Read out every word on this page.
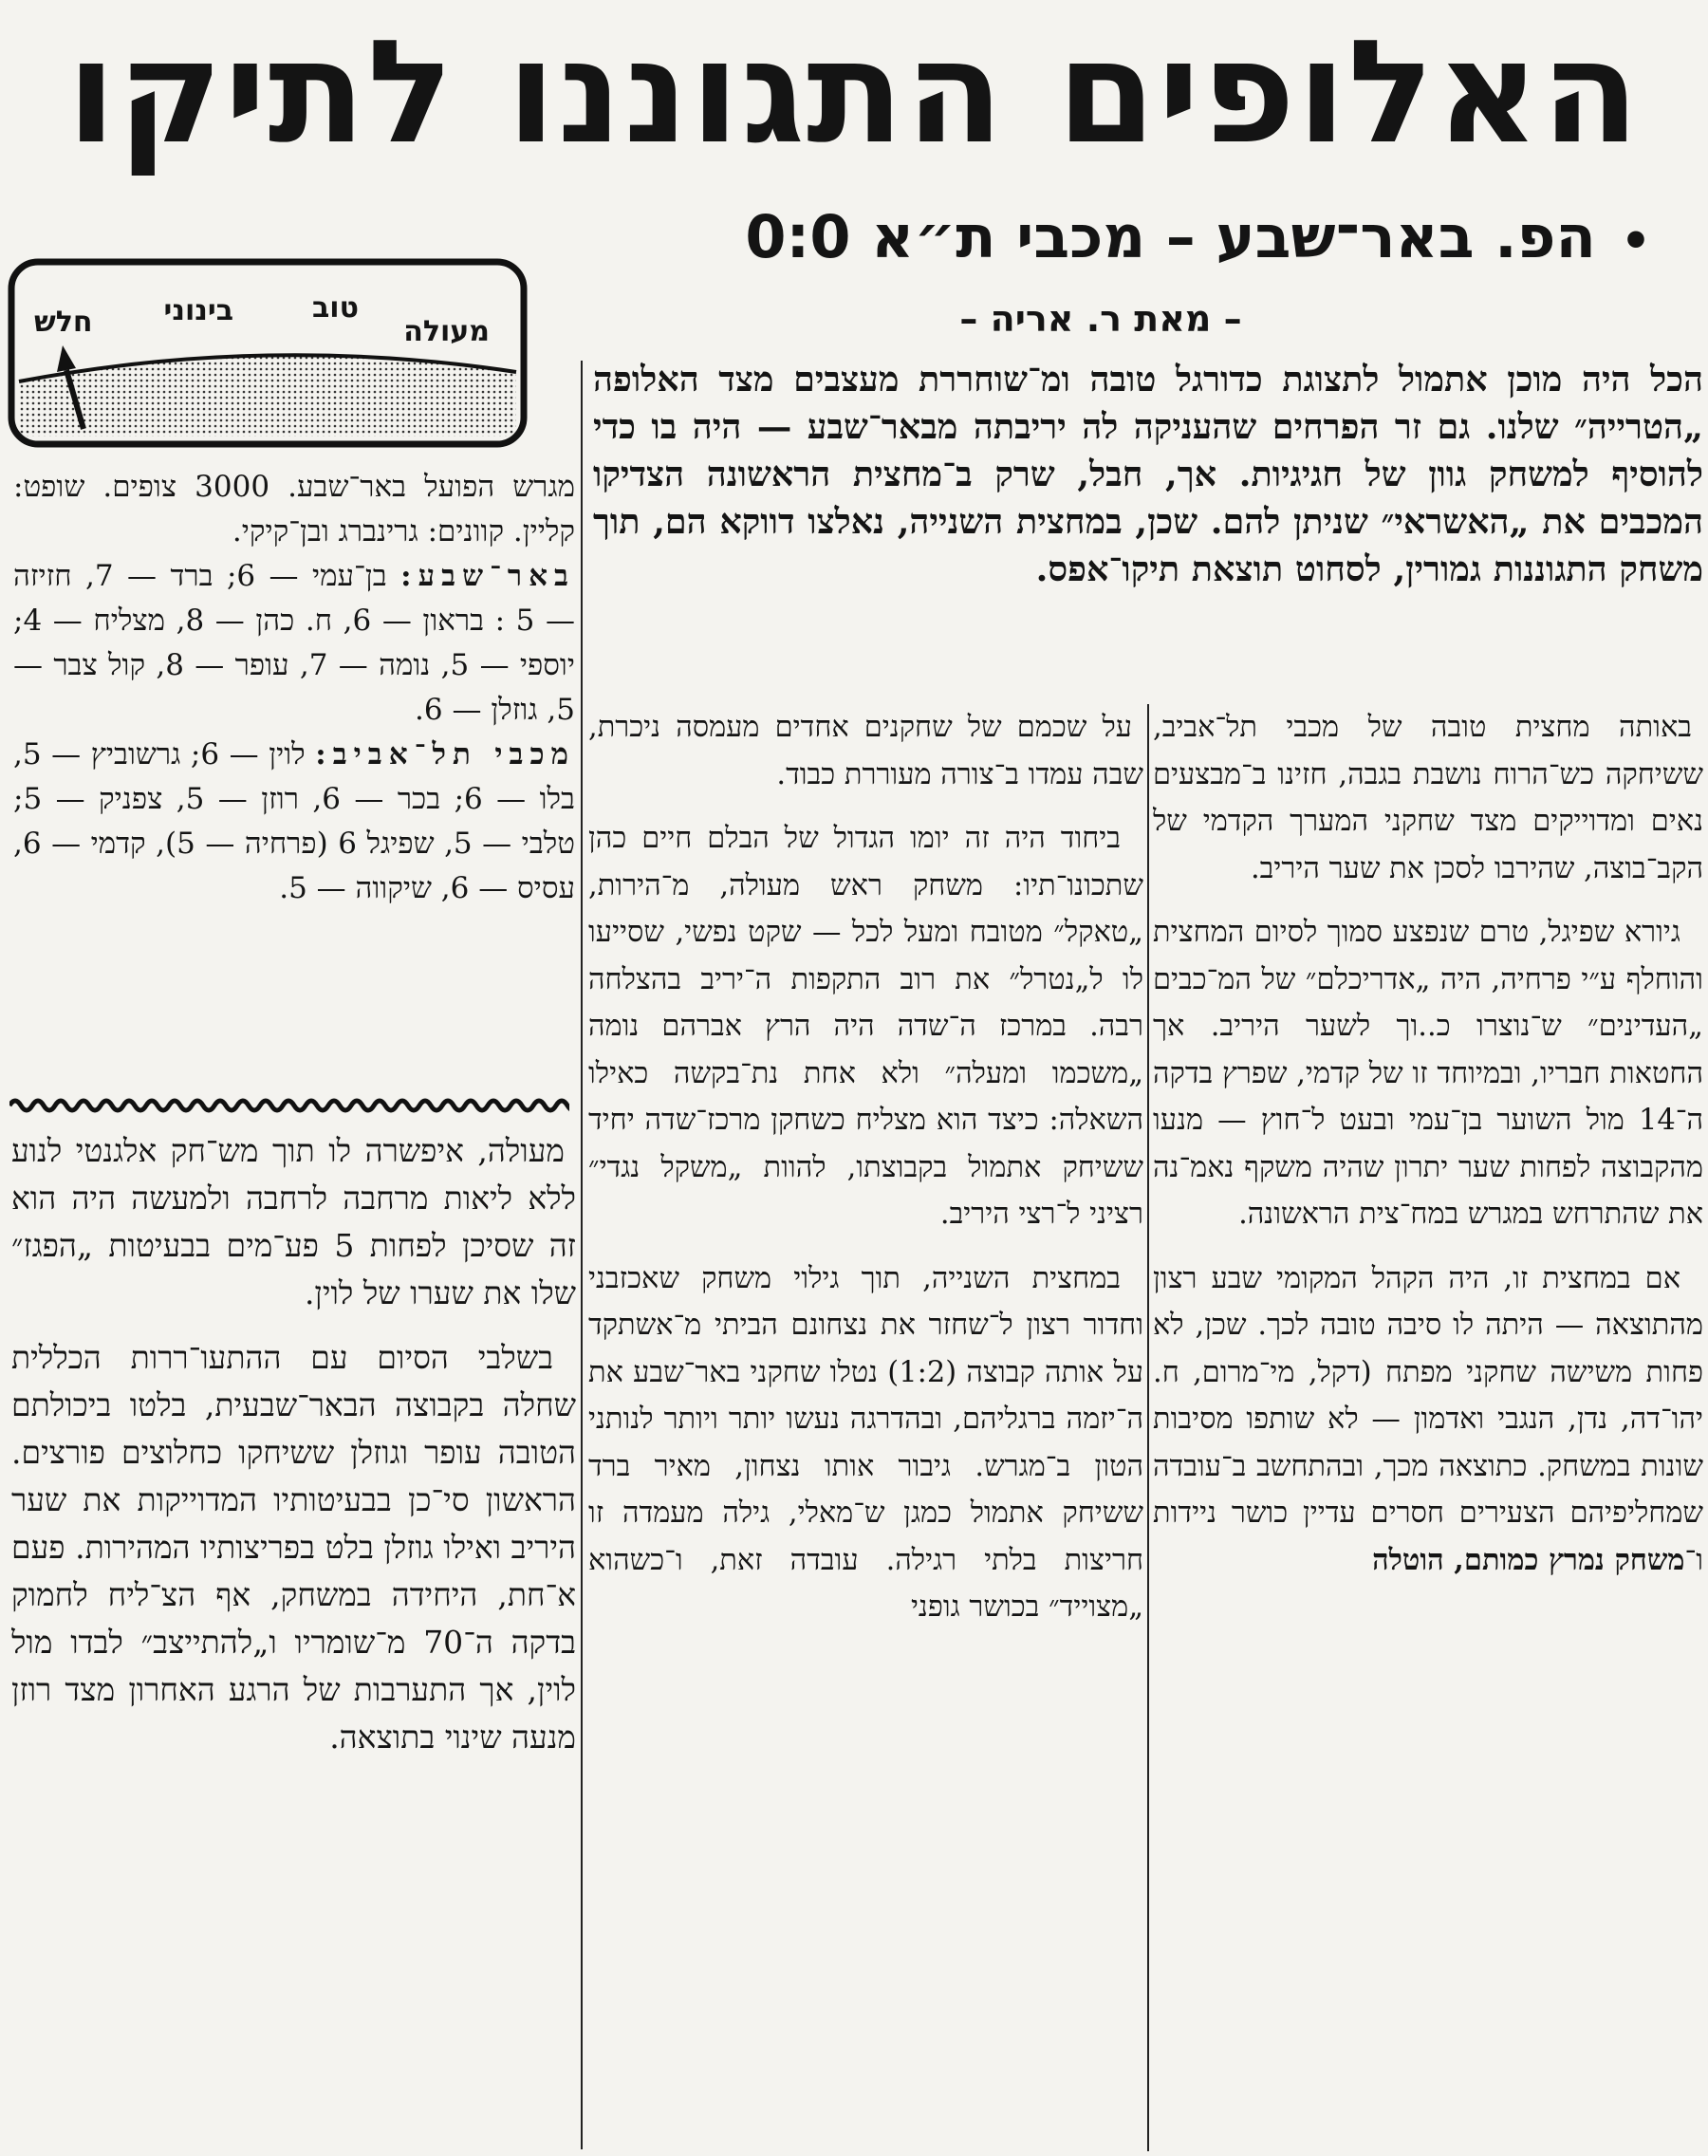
האלופים התגוננו לתיקו
•הפ. באר־שבע – מכבי ת״א 0:0
– מאת ר. אריה –
הכל היה מוכן אתמול לתצוגת כדורגל טובה ומ־שוחררת מעצבים מצד האלופה „הטרייה״ שלנו. גם זר הפרחים שהעניקה לה יריבתה מבאר־שבע — היה בו כדי להוסיף למשחק גוון של חגיגיות. אך, חבל, שרק ב־מחצית הראשונה הצדיקו המכבים את „האשראי״ שניתן להם. שכן, במחצית השנייה, נאלצו דווקא הם, תוך משחק התגוננות גמורין, לסחוט תוצאת תיקו־אפס.

באותה מחצית טובה של מכבי תל־אביב, ששיחקה כש־הרוח נושבת בגבה, חזינו ב־מבצעים נאים ומדוייקים מצד שחקני המערך הקדמי של הקב־בוצה, שהירבו לסכן את שער היריב.

גיורא שפיגל, טרם שנפצע סמוך לסיום המחצית והוחלף ע״י פרחיה, היה „אדריכלם״ של המ־כבים „העדינים״ ש־נוצרו כ..וך לשער היריב. אך החטאות חבריו, ובמיוחד זו של קדמי, שפרץ בדקה ה־14 מול השוער בן־עמי ובעט ל־חוץ — מנעו מהקבוצה לפחות שער יתרון שהיה משקף נאמ־נה את שהתרחש במגרש במח־צית הראשונה.

אם במחצית זו, היה הקהל המקומי שבע רצון מהתוצאה — היתה לו סיבה טובה לכך. שכן, לא פחות משישה שחקני מפתח (דקל, מי־מרום, ח. יהו־דה, נדן, הנגבי ואדמון — לא שותפו מסיבות שונות במשחק. כתוצאה מכך, ובהתחשב ב־עובדה שמחליפיהם הצעירים חסרים עדיין כושר ניידות ו־משחק נמרץ כמותם, הוטלה

על שכמם של שחקנים אחדים מעמסה ניכרת, שבה עמדו ב־צורה מעוררת כבוד.

ביחוד היה זה יומו הגדול של הבלם חיים כהן שתכונו־תיו: משחק ראש מעולה, מ־הירות, „טאקל״ מטובח ומעל לכל — שקט נפשי, שסייעו לו ל„נטרל״ את רוב התקפות ה־יריב בהצלחה רבה. במרכז ה־שדה היה הרץ אברהם נומה „משכמו ומעלה״ ולא אחת נת־בקשה כאילו השאלה: כיצד הוא מצליח כשחקן מרכז־שדה יחיד ששיחק אתמול בקבוצתו, להוות „משקל נגדי״ רציני ל־רצי היריב.

במחצית השנייה, תוך גילוי משחק שאכזבני וחדור רצון ל־שחזר את נצחונם הביתי מ־אשתקד על אותה קבוצה (1:2) נטלו שחקני באר־שבע את ה־יזמה ברגליהם, ובהדרגה נעשו יותר ויותר לנותני הטון ב־מגרש. גיבור אותו נצחון, מאיר ברד ששיחק אתמול כמגן ש־מאלי, גילה מעמדה זו חריצות בלתי רגילה. עובדה זאת, ו־כשהוא „מצוייד״ בכושר גופני

מעולה
טוב
בינוני
חלש

מגרש הפועל באר־שבע. 3000 צופים. שופט: קליין. קוונים: גרינברג ובן־קיקי.

באר־שבע: בן־עמי — 6; ברד — 7, חזיזה — 5 : בראון — 6, ח. כהן — 8, מצליח — 4; יוספי — 5, נומה — 7, עופר — 8, קול צבר — 5, גוזלן — 6.

מכבי תל־אביב: לוין — 6; גרשוביץ — 5, בלו — 6; בכר — 6, רוזן — 5, צפניק — 5; טלבי — 5, שפיגל 6 (פרחיה — 5), קדמי — 6, עסיס — 6, שיקווה — 5.

מעולה, איפשרה לו תוך מש־חק אלגנטי לנוע ללא ליאות מרחבה לרחבה ולמעשה היה הוא זה שסיכן לפחות 5 פע־מים בבעיטות „הפגז״ שלו את שערו של לוין.

בשלבי הסיום עם ההתעו־ררות הכללית שחלה בקבוצה הבאר־שבעית, בלטו ביכולתם הטובה עופר וגוזלן ששיחקו כחלוצים פורצים. הראשון סי־כן בבעיטותיו המדוייקות את שער היריב ואילו גוזלן בלט בפריצותיו המהירות. פעם א־חת, היחידה במשחק, אף הצ־ליח לחמוק בדקה ה־70 מ־שומריו ו„להתייצב״ לבדו מול לוין, אך התערבות של הרגע האחרון מצד רוזן מנעה שינוי בתוצאה.
